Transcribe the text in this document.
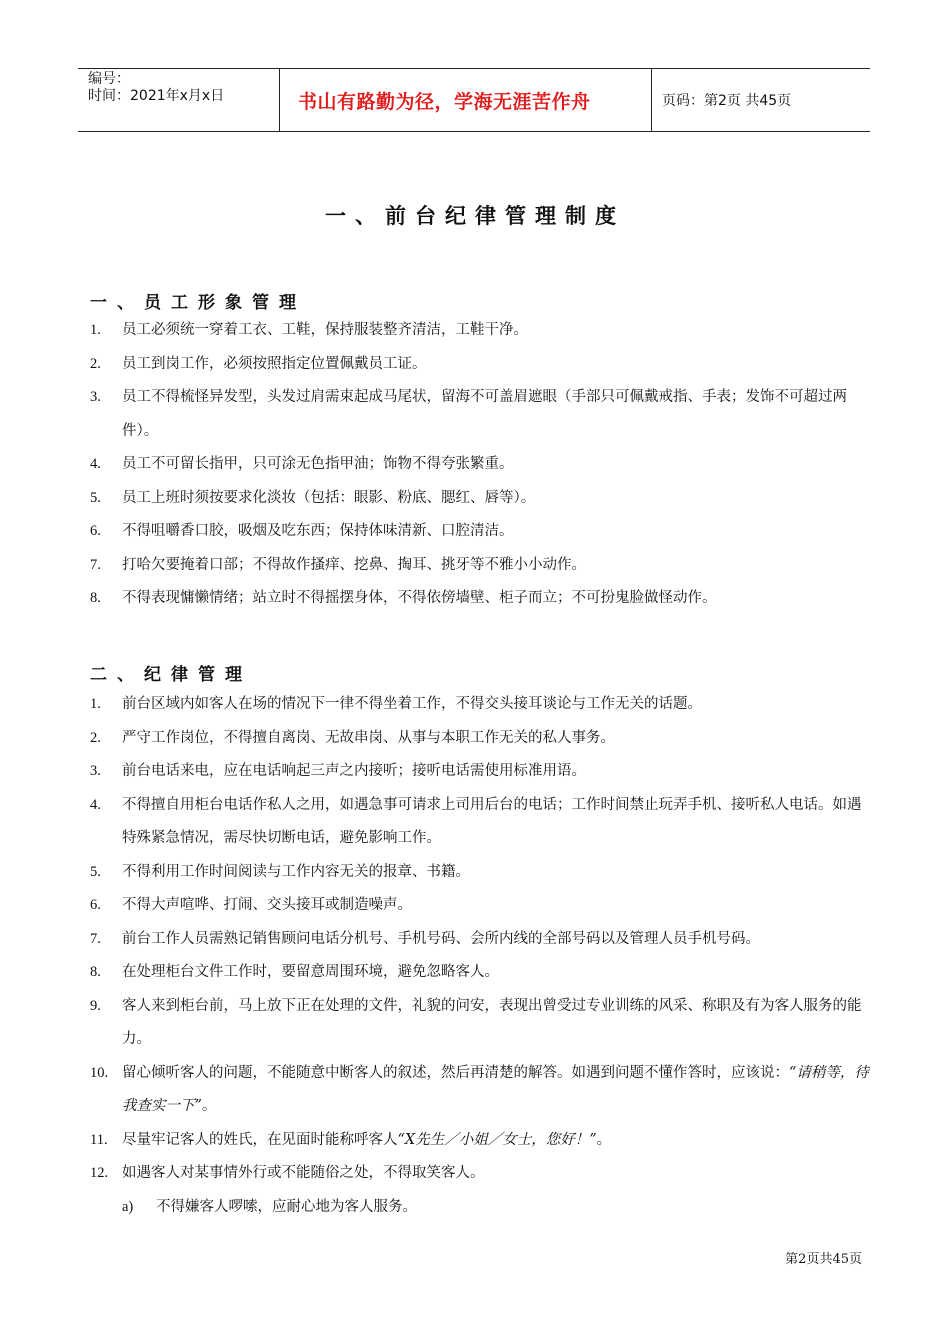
编号：
时间：2021年x月x日	书山有路勤为径，学海无涯苦作舟	页码：第2页 共45页
一、前台纪律管理制度
一、员工形象管理
1.	员工必须统一穿着工衣、工鞋，保持服装整齐清洁，工鞋干净。
2.	员工到岗工作，必须按照指定位置佩戴员工证。
3.	员工不得梳怪异发型，头发过肩需束起成马尾状，留海不可盖眉遮眼（手部只可佩戴戒指、手表；发饰不可超过两件）。
4.	员工不可留长指甲，只可涂无色指甲油；饰物不得夸张繁重。
5.	员工上班时须按要求化淡妆（包括：眼影、粉底、腮红、唇等）。
6.	不得咀嚼香口胶，吸烟及吃东西；保持体味清新、口腔清洁。
7.	打哈欠要掩着口部；不得故作搔痒、挖鼻、掏耳、挑牙等不雅小小动作。
8.	不得表现慵懒情绪；站立时不得摇摆身体，不得依傍墙壁、柜子而立；不可扮鬼脸做怪动作。
二、纪律管理
1.	前台区域内如客人在场的情况下一律不得坐着工作，不得交头接耳谈论与工作无关的话题。
2.	严守工作岗位，不得擅自离岗、无故串岗、从事与本职工作无关的私人事务。
3.	前台电话来电，应在电话响起三声之内接听；接听电话需使用标准用语。
4.	不得擅自用柜台电话作私人之用，如遇急事可请求上司用后台的电话；工作时间禁止玩弄手机、接听私人电话。如遇特殊紧急情况，需尽快切断电话，避免影响工作。
5.	不得利用工作时间阅读与工作内容无关的报章、书籍。
6.	不得大声喧哗、打闹、交头接耳或制造噪声。
7.	前台工作人员需熟记销售顾问电话分机号、手机号码、会所内线的全部号码以及管理人员手机号码。
8.	在处理柜台文件工作时，要留意周围环境，避免忽略客人。
9.	客人来到柜台前，马上放下正在处理的文件，礼貌的问安，表现出曾受过专业训练的风采、称职及有为客人服务的能力。
10. 留心倾听客人的问题，不能随意中断客人的叙述，然后再清楚的解答。如遇到问题不懂作答时，应该说：“请稍等，待我查实一下”。
11. 尽量牢记客人的姓氏，在见面时能称呼客人“X先生／小姐／女士，您好！”。
12. 如遇客人对某事情外行或不能随俗之处，不得取笑客人。
a)	不得嫌客人啰嗦，应耐心地为客人服务。
第2页共45页
